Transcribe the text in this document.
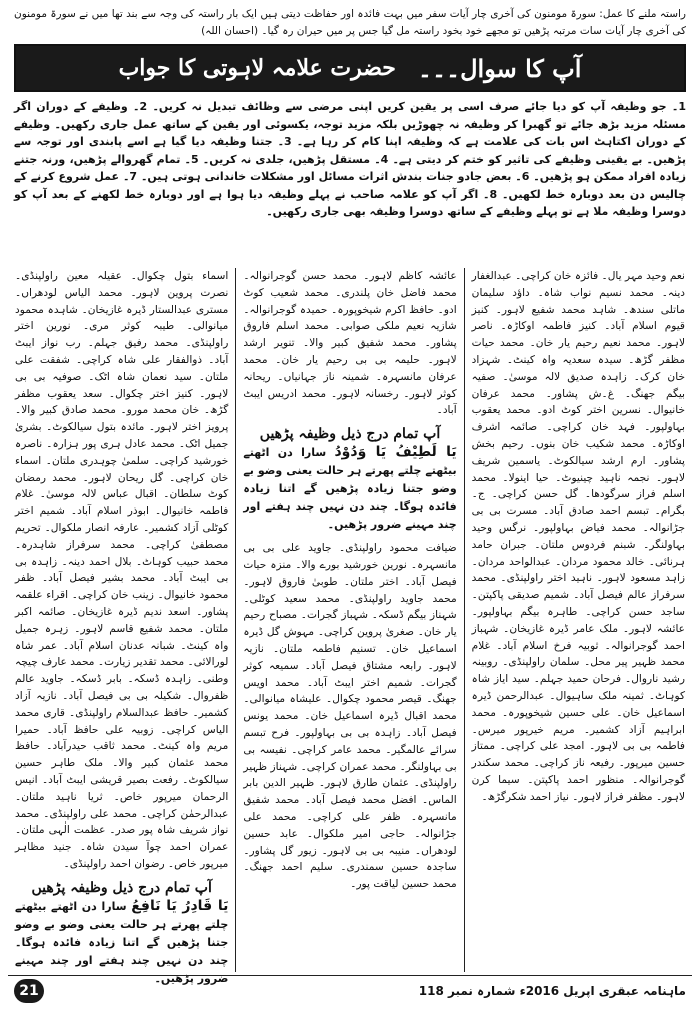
راستہ ملنے کا عمل: سورۃ مومنون کی آخری چار آیات سفر میں بہت فائدہ اور حفاظت دیتی ہیں ایک بار راستہ کی وجہ سے بند تھا میں نے سورۃ مومنون کی آخری چار آیات سات مرتبہ پڑھیں تو مجھے خود بخود راستہ مل گیا جس پر میں حیران رہ گیا۔ (احسان اللہ)
آپ کا سوال۔۔۔
حضرت علامہ لاہوتی کا جواب
1۔ جو وظیفہ آپ کو دیا جائے صرف اسی پر یقین کریں اپنی مرضی سے وظائف تبدیل نہ کریں۔ 2۔ وظیفے کے دوران اگر مسئلہ مزید بڑھ جائے تو گھبرا کر وظیفہ نہ چھوڑیں بلکہ مزید توجہ، یکسوئی اور یقین کے ساتھ عمل جاری رکھیں۔ وظیفے کے دوران اکتاہٹ اس بات کی علامت ہے کہ وظیفہ اپنا کام کر رہا ہے۔ 3۔ جتنا وظیفہ دیا گیا ہے اسے پابندی اور توجہ سے پڑھیں۔ بے یقینی وظیفے کی تاثیر کو ختم کر دیتی ہے۔ 4۔ مستقل پڑھیں، جلدی نہ کریں۔ 5۔ تمام گھروالے پڑھیں، ورنہ جتنے زیادہ افراد ممکن ہو پڑھیں۔ 6۔ بعض جادو جنات بندش اثرات مسائل اور مشکلات خاندانی ہوتی ہیں۔ 7۔ عمل شروع کرنے کے چالیس دن بعد دوبارہ خط لکھیں۔ 8۔ اگر آپ کو علامہ صاحب نے پہلے وظیفہ دیا ہوا ہے اور دوبارہ خط لکھنے کے بعد آپ کو دوسرا وظیفہ ملا ہے تو پہلے وظیفے کے ساتھ دوسرا وظیفہ بھی جاری رکھیں۔

نعم وحید مہر یال۔ فائزہ خان کراچی۔ عبدالغفار دینہ۔ محمد نسیم نواب شاہ۔ داؤد سلیمان ماتلی سندھ۔ شاہد محمد شفیع لاہور۔ کنیز قیوم اسلام آباد۔ کنیز فاطمہ اوکاڑہ۔ ناصر لاہور۔ محمد نعیم رحیم یار خان۔ محمد حیات مظفر گڑھ۔ سیدہ سعدیہ واہ کینٹ۔ شہزاد خان کرک۔ زاہدہ صدیق لالہ موسیٰ۔ صفیہ بیگم جھنگ۔ غ۔ش پشاور۔ محمد عرفان خانیوال۔ نسرین اختر کوٹ ادو۔ محمد یعقوب بہاولپور۔ فہد خان کراچی۔ صائمہ اشرف اوکاڑہ۔ محمد شکیب خان بنوں۔ رحیم بخش پشاور۔ ارم ارشد سیالکوٹ۔ یاسمین شریف لاہور۔ نجمہ ناہید چینیوٹ۔ حیا اینولا۔ محمد اسلم فراز سرگودھا۔ گل حسن کراچی۔ ج۔ بگرام۔ تبسم احمد صادق آباد۔ مسرت بی بی جڑانوالہ۔ محمد فیاض بہاولپور۔ نرگس وحید بہاولنگر۔ شبنم فردوس ملتان۔ جبران حامد ہرنائی۔ خالد محمود مردان۔ عبدالواحد مردان۔ زاہد مسعود لاہور۔ ناہید اختر راولپنڈی۔ محمد سرفراز عالم فیصل آباد۔ شمیم صدیقی پاکپتن۔ ساجد حسن کراچی۔ طاہرہ بیگم بہاولپور۔ عائشہ لاہور۔ ملک عامر ڈیرہ غازیخان۔ شہباز احمد گوجرانوالہ۔ ثوبیہ فرخ اسلام آباد۔ غلام محمد ظہیر پیر محل۔ سلمان راولپنڈی۔ روبینہ رشید ناروال۔ فرحان حمید جہلم۔ سید ایاز شاہ کوہاٹ۔ ثمینہ ملک ساہیوال۔ عبدالرحمن ڈیرہ اسماعیل خان۔ علی حسین شیخوپورہ۔ محمد ابراہیم آزاد کشمیر۔ مریم خیرپور میرس۔ فاطمہ بی بی لاہور۔ امجد علی کراچی۔ ممتاز حسین میرپور۔ رفیعہ ناز کراچی۔ محمد سکندر گوجرانوالہ۔ منظور احمد پاکپتن۔ سیما کرن لاہور۔ مظفر فراز لاہور۔ نیاز احمد شکرگڑھ۔

عائشہ کاظم لاہور۔ محمد حسن گوجرانوالہ۔ محمد فاضل خان پلندری۔ محمد شعیب کوٹ ادو۔ حافظ اکرم شیخوپورہ۔ حمیدہ گوجرانوالہ۔ شازیہ نعیم ملکی صوابی۔ محمد اسلم فاروق پشاور۔ محمد شفیق کبیر والا۔ تنویر ارشد لاہور۔ حلیمہ بی بی رحیم یار خان۔ محمد عرفان مانسہرہ۔ شمینہ ناز جہانیاں۔ ریحانہ کوثر لاہور۔ رخسانہ لاہور۔ محمد ادریس ایبٹ آباد۔

آپ تمام درج ذیل وظیفہ پڑھیں
یَا لَطِیْفُ یَا وَدُوْدُ سارا دن اٹھتے بیٹھتے چلتے پھرتے ہر حالت یعنی وضو بے وضو جتنا زیادہ پڑھیں گے اتنا زیادہ فائدہ ہوگا۔ چند دن نہیں چند ہفتے اور چند مہینے ضرور پڑھیں۔

ضیافت محمود راولپنڈی۔ جاوید علی بی بی مانسہرہ۔ نورین خورشید بورے والا۔ منزہ حیات فیصل آباد۔ اختر ملتان۔ طوبیٰ فاروق لاہور۔ محمد جاوید راولپنڈی۔ محمد سعید کوٹلی۔ شہناز بیگم ڈسکہ۔ شہباز گجرات۔ مصباح رحیم یار خان۔ صغریٰ پروین کراچی۔ مہوش گل ڈیرہ اسماعیل خان۔ تسنیم فاطمہ ملتان۔ نازیہ لاہور۔ رابعہ مشتاق فیصل آباد۔ سمیعہ کوثر گجرات۔ شمیم اختر ایبٹ آباد۔ محمد اویس جھنگ۔ قیصر محمود چکوال۔ علیشاہ میانوالی۔ محمد اقبال ڈیرہ اسماعیل خان۔ محمد یونس فیصل آباد۔ زاہدہ بی بی بہاولپور۔ فرح تبسم سرائے عالمگیر۔ محمد عامر کراچی۔ نفیسہ بی بی بہاولنگر۔ محمد عمران کراچی۔ شہناز ظہیر راولپنڈی۔ عثمان طارق لاہور۔ ظہیر الدین بابر الماس۔ افضل محمد فیصل آباد۔ محمد شفیق مانسہرہ۔ ظفر علی کراچی۔ محمد علی جڑانوالہ۔ حاجی امیر ملکوال۔ عابد حسین لودھراں۔ منیبہ بی بی لاہور۔ زیور گل پشاور۔ ساجدہ حسین سمندری۔ سلیم احمد جھنگ۔ محمد حسین لیاقت پور۔

اسماء بتول چکوال۔ عقیلہ معین راولپنڈی۔ نصرت پروین لاہور۔ محمد الیاس لودھراں۔ مستری عبدالستار ڈیرہ غازیخان۔ شاہدہ محمود میانوالی۔ طیبہ کوثر مری۔ نورین اختر راولپنڈی۔ محمد رفیق جہلم۔ رب نواز ایبٹ آباد۔ ذوالفقار علی شاہ کراچی۔ شفقت علی ملتان۔ سید نعمان شاہ اٹک۔ صوفیہ بی بی لاہور۔ کنیز اختر چکوال۔ سعد یعقوب مظفر گڑھ۔ خان محمد مورو۔ محمد صادق کبیر والا۔ پرویز اختر لاہور۔ مائدہ بتول سیالکوٹ۔ بشریٰ جمیل اٹک۔ محمد عادل ہری پور ہزارہ۔ ناصرہ خورشید کراچی۔ سلمیٰ چوہدری ملتان۔ اسماء خان کراچی۔ گل ریحان لاہور۔ محمد رمضان کوٹ سلطان۔ اقبال عباس لالہ موسیٰ۔ غلام فاطمہ خانیوال۔ ابوذر اسلام آباد۔ شمیم اختر کوٹلی آزاد کشمیر۔ عارفہ انصار ملکوال۔ تحریم مصطفیٰ کراچی۔ محمد سرفراز شاہدرہ۔ محمد حبیب کوہاٹ۔ بلال احمد دینہ۔ زاہدہ بی بی ایبٹ آباد۔ محمد بشیر فیصل آباد۔ ظفر محمود خانیوال۔ زینب خان کراچی۔ اقراء علقمہ پشاور۔ اسعد ندیم ڈیرہ غازیخان۔ صائمہ اکبر ملتان۔ محمد شفیع قاسم لاہور۔ زہرہ جمیل واہ کینٹ۔ شبانہ عدنان اسلام آباد۔ عمر شاہ لورالائی۔ محمد تقدیر زیارت۔ محمد عارف چیچہ وطنی۔ زاہدہ ڈسکہ۔ بابر ڈسکہ۔ جاوید عالم ظفروال۔ شکیلہ بی بی فیصل آباد۔ نازیہ آزاد کشمیر۔ حافظ عبدالسلام راولپنڈی۔ قاری محمد الیاس کراچی۔ زوبیہ علی حافظ آباد۔ حمیرا مریم واہ کینٹ۔ محمد ثاقب حیدرآباد۔ حافظ محمد عثمان کبیر والا۔ ملک طاہر حسین سیالکوٹ۔ رفعت بصیر قریشی ایبٹ آباد۔ انیس الرحمان میرپور خاص۔ ثریا ناہید ملتان۔ عبدالرحمٰن کراچی۔ محمد علی راولپنڈی۔ محمد نواز شریف شاہ پور صدر۔ عظمت الٰہی ملتان۔ عمران احمد چوآ سیدن شاہ۔ جنید مظاہر میرپور خاص۔ رضوان احمد راولپنڈی۔

آپ تمام درج ذیل وظیفہ پڑھیں
یَا قَادِرُ یَا نَافِعُ سارا دن اٹھتے بیٹھتے چلتے پھرتے ہر حالت یعنی وضو بے وضو جتنا پڑھیں گے اتنا زیادہ فائدہ ہوگا۔ چند دن نہیں چند ہفتے اور چند مہینے ضرور پڑھیں۔
ماہنامہ عبقری اپریل 2016ء شمارہ نمبر 118
21
